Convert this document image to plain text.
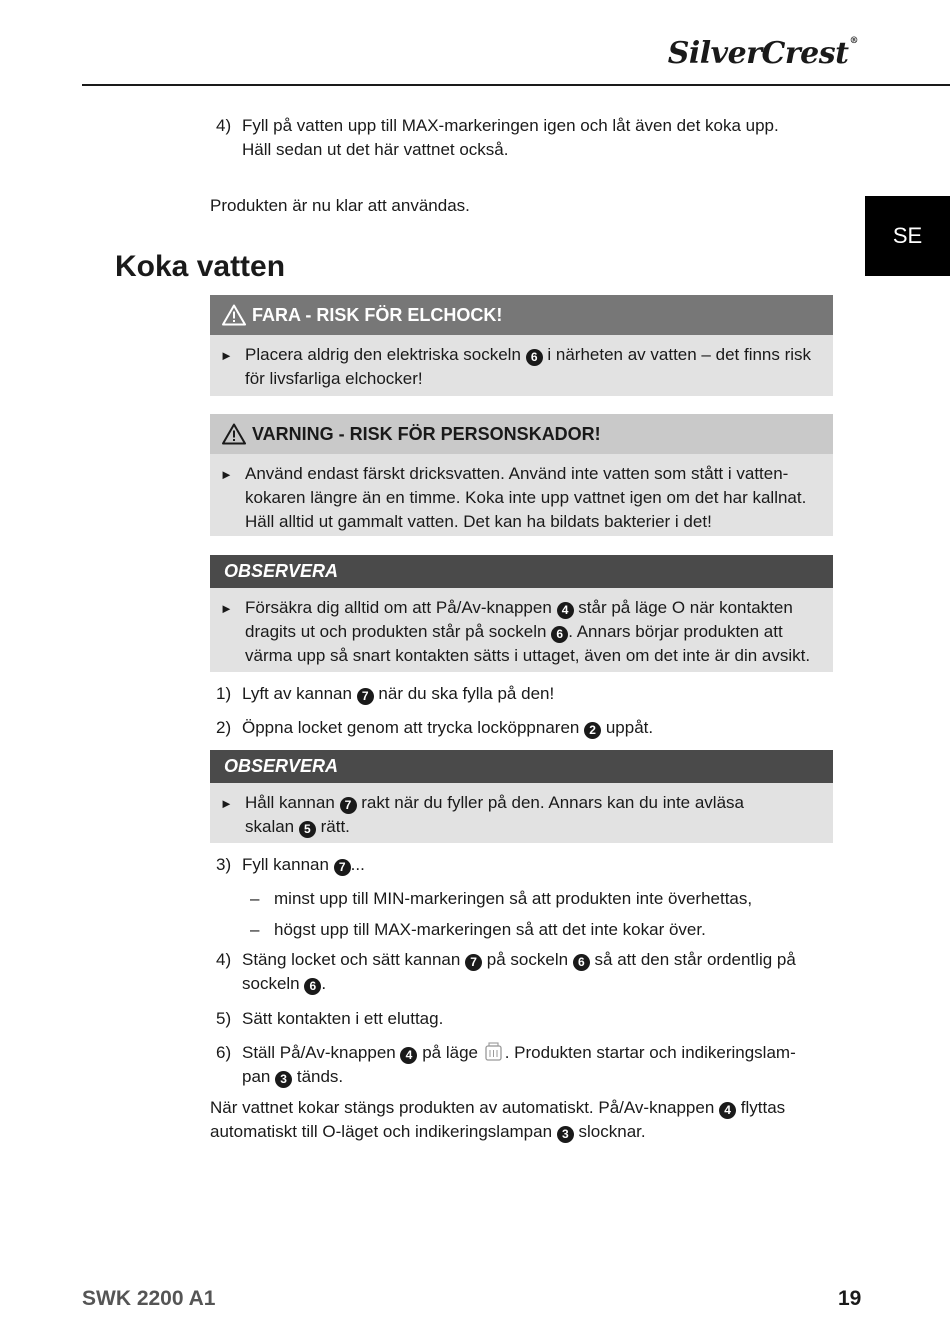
SilverCrest®
SE
4) Fyll på vatten upp till MAX-markeringen igen och låt även det koka upp.
Häll sedan ut det här vattnet också.
Produkten är nu klar att användas.
Koka vatten
FARA - RISK FÖR ELCHOCK!
► Placera aldrig den elektriska sockeln 6 i närheten av vatten – det finns risk
för livsfarliga elchocker!
VARNING - RISK FÖR PERSONSKADOR!
► Använd endast färskt dricksvatten. Använd inte vatten som stått i vatten-
kokaren längre än en timme. Koka inte upp vattnet igen om det har kallnat.
Häll alltid ut gammalt vatten. Det kan ha bildats bakterier i det!
OBSERVERA
► Försäkra dig alltid om att På/Av-knappen 4 står på läge O när kontakten
dragits ut och produkten står på sockeln 6 . Annars börjar produkten att
värma upp så snart kontakten sätts i uttaget, även om det inte är din avsikt.
1) Lyft av kannan 7 när du ska fylla på den!
2) Öppna locket genom att trycka locköppnaren 2 uppåt.
OBSERVERA
► Håll kannan 7 rakt när du fyller på den. Annars kan du inte avläsa
skalan 5 rätt.
3) Fyll kannan 7 ...
– minst upp till MIN-markeringen så att produkten inte överhettas,
– högst upp till MAX-markeringen så att det inte kokar över.
4) Stäng locket och sätt kannan 7 på sockeln 6 så att den står ordentlig på
sockeln 6 .
5) Sätt kontakten i ett eluttag.
6) Ställ På/Av-knappen 4 på läge . Produkten startar och indikeringslam-
pan 3 tänds.
När vattnet kokar stängs produkten av automatiskt. På/Av-knappen 4 flyttas
automatiskt till O-läget och indikeringslampan 3 slocknar.
SWK 2200 A1	19
